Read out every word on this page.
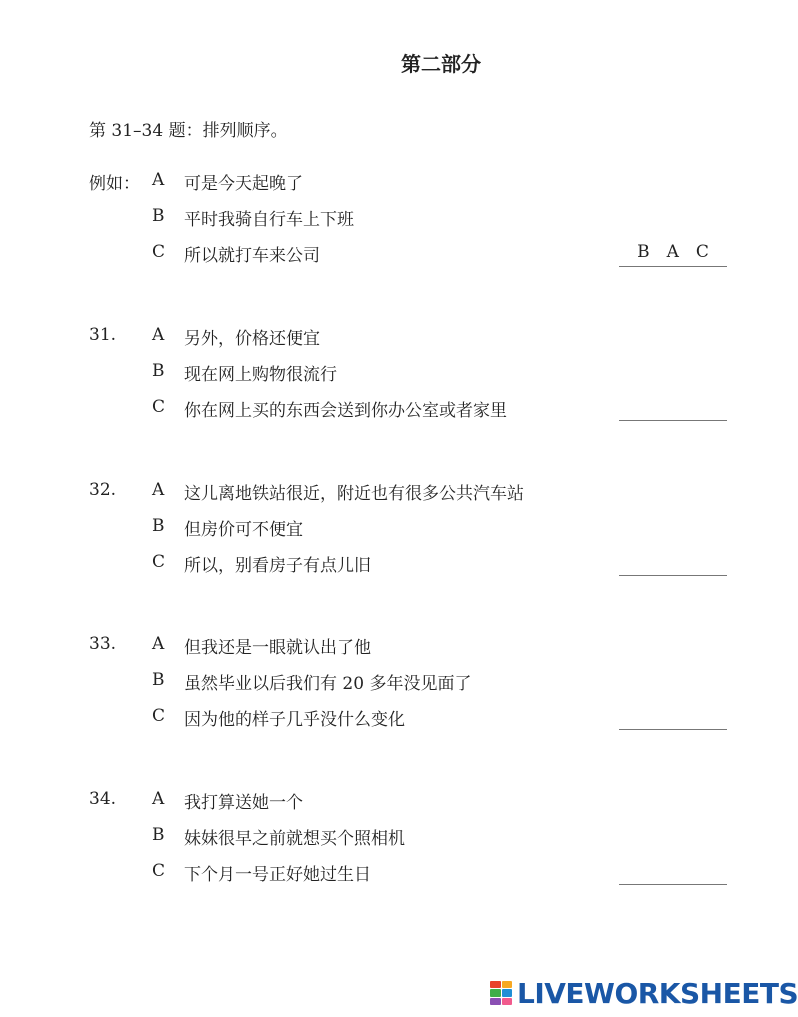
第二部分
第 31–34 题：排列顺序。
例如： A 可是今天起晚了
B 平时我骑自行车上下班
C 所以就打车来公司	B A C
31. A 另外，价格还便宜
B 现在网上购物很流行
C 你在网上买的东西会送到你办公室或者家里
32. A 这儿离地铁站很近，附近也有很多公共汽车站
B 但房价可不便宜
C 所以，别看房子有点儿旧
33. A 但我还是一眼就认出了他
B 虽然毕业以后我们有 20 多年没见面了
C 因为他的样子几乎没什么变化
34. A 我打算送她一个
B 妹妹很早之前就想买个照相机
C 下个月一号正好她过生日
LIVEWORKSHEETS
